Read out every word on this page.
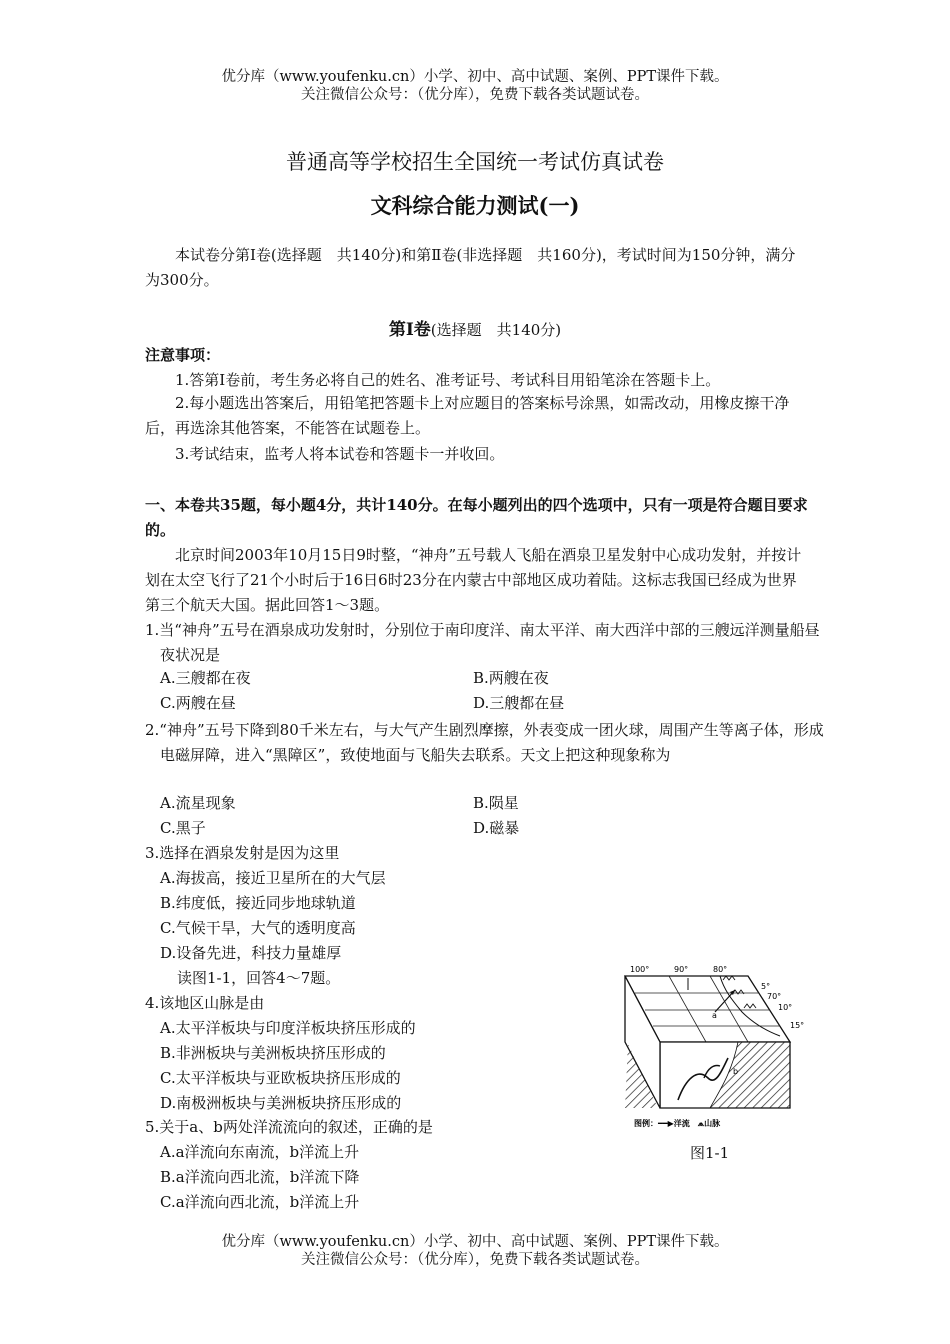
优分库（www.youfenku.cn）小学、初中、高中试题、案例、PPT课件下载。
关注微信公众号：（优分库），免费下载各类试题试卷。
普通高等学校招生全国统一考试仿真试卷
文科综合能力测试(一)
本试卷分第Ⅰ卷(选择题　共140分)和第Ⅱ卷(非选择题　共160分)，考试时间为150分钟，满分为300分。
第Ⅰ卷(选择题　共140分)
注意事项：
1.答第Ⅰ卷前，考生务必将自己的姓名、准考证号、考试科目用铅笔涂在答题卡上。
2.每小题选出答案后，用铅笔把答题卡上对应题目的答案标号涂黑，如需改动，用橡皮擦干净后，再选涂其他答案，不能答在试题卷上。
3.考试结束，监考人将本试卷和答题卡一并收回。
一、本卷共35题，每小题4分，共计140分。在每小题列出的四个选项中，只有一项是符合题目要求的。
北京时间2003年10月15日9时整，“神舟”五号载人飞船在酒泉卫星发射中心成功发射，并按计划在太空飞行了21个小时后于16日6时23分在内蒙古中部地区成功着陆。这标志我国已经成为世界第三个航天大国。据此回答1～3题。
1.当“神舟”五号在酒泉成功发射时，分别位于南印度洋、南太平洋、南大西洋中部的三艘远洋测量船昼夜状况是
A.三艘都在夜	B.两艘在夜
C.两艘在昼	D.三艘都在昼
2.“神舟”五号下降到80千米左右，与大气产生剧烈摩擦，外表变成一团火球，周围产生等离子体，形成电磁屏障，进入“黑障区”，致使地面与飞船失去联系。天文上把这种现象称为
A.流星现象	B.陨星
C.黑子	D.磁暴
3.选择在酒泉发射是因为这里
A.海拔高，接近卫星所在的大气层
B.纬度低，接近同步地球轨道
C.气候干旱，大气的透明度高
D.设备先进，科技力量雄厚
读图1-1，回答4～7题。
4.该地区山脉是由
A.太平洋板块与印度洋板块挤压形成的
B.非洲板块与美洲板块挤压形成的
C.太平洋板块与亚欧板块挤压形成的
D.南极洲板块与美洲板块挤压形成的
5.关于a、b两处洋流流向的叙述，正确的是
A.a洋流向东南流，b洋流上升
B.a洋流向西北流，b洋流下降
C.a洋流向西北流，b洋流上升
100°	90°	80°
70°
5°
10°
15°
a
b
图例：━━▶洋流　⩕山脉
图1-1
优分库（www.youfenku.cn）小学、初中、高中试题、案例、PPT课件下载。
关注微信公众号：（优分库），免费下载各类试题试卷。
